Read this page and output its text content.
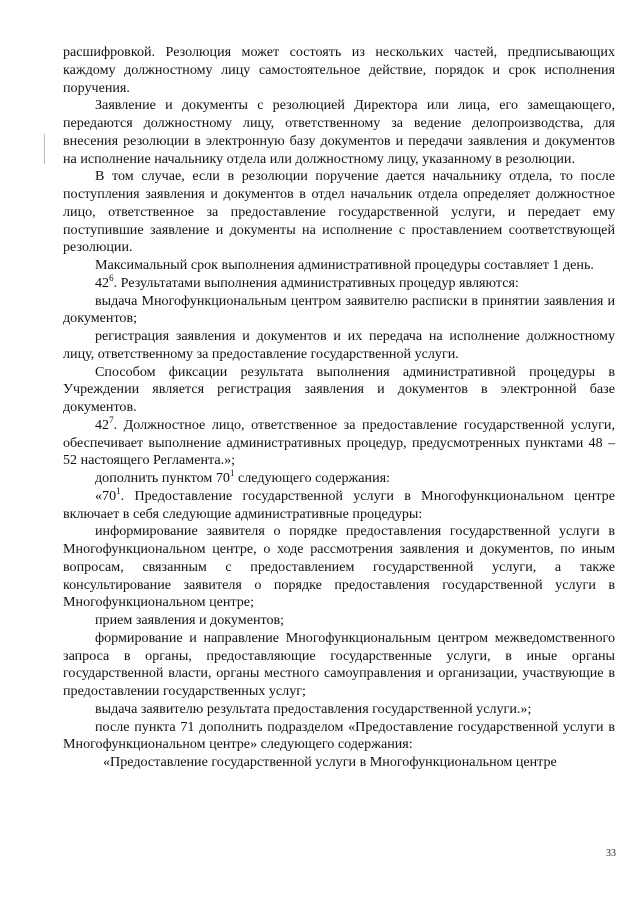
расшифровкой. Резолюция может состоять из нескольких частей, предписывающих каждому должностному лицу самостоятельное действие, порядок и срок исполнения поручения.

Заявление и документы с резолюцией Директора или лица, его замещающего, передаются должностному лицу, ответственному за ведение делопроизводства, для внесения резолюции в электронную базу документов и передачи заявления и документов на исполнение начальнику отдела или должностному лицу, указанному в резолюции.

В том случае, если в резолюции поручение дается начальнику отдела, то после поступления заявления и документов в отдел начальник отдела определяет должностное лицо, ответственное за предоставление государственной услуги, и передает ему поступившие заявление и документы на исполнение с проставлением соответствующей резолюции.

Максимальный срок выполнения административной процедуры составляет 1 день.

$42^6$. Результатами выполнения административных процедур являются:

выдача Многофункциональным центром заявителю расписки в принятии заявления и документов;

регистрация заявления и документов и их передача на исполнение должностному лицу, ответственному за предоставление государственной услуги.

Способом фиксации результата выполнения административной процедуры в Учреждении является регистрация заявления и документов в электронной базе документов.

$42^7$. Должностное лицо, ответственное за предоставление государственной услуги, обеспечивает выполнение административных процедур, предусмотренных пунктами 48 – 52 настоящего Регламента.»;

дополнить пунктом $70^1$ следующего содержания:

«$70^1$. Предоставление государственной услуги в Многофункциональном центре включает в себя следующие административные процедуры:

информирование заявителя о порядке предоставления государственной услуги в Многофункциональном центре, о ходе рассмотрения заявления и документов, по иным вопросам, связанным с предоставлением государственной услуги, а также консультирование заявителя о порядке предоставления государственной услуги в Многофункциональном центре;

прием заявления и документов;

формирование и направление Многофункциональным центром межведомственного запроса в органы, предоставляющие государственные услуги, в иные органы государственной власти, органы местного самоуправления и организации, участвующие в предоставлении государственных услуг;

выдача заявителю результата предоставления государственной услуги.»;

после пункта 71 дополнить подразделом «Предоставление государственной услуги в Многофункциональном центре» следующего содержания:

«Предоставление государственной услуги в Многофункциональном центре

33
